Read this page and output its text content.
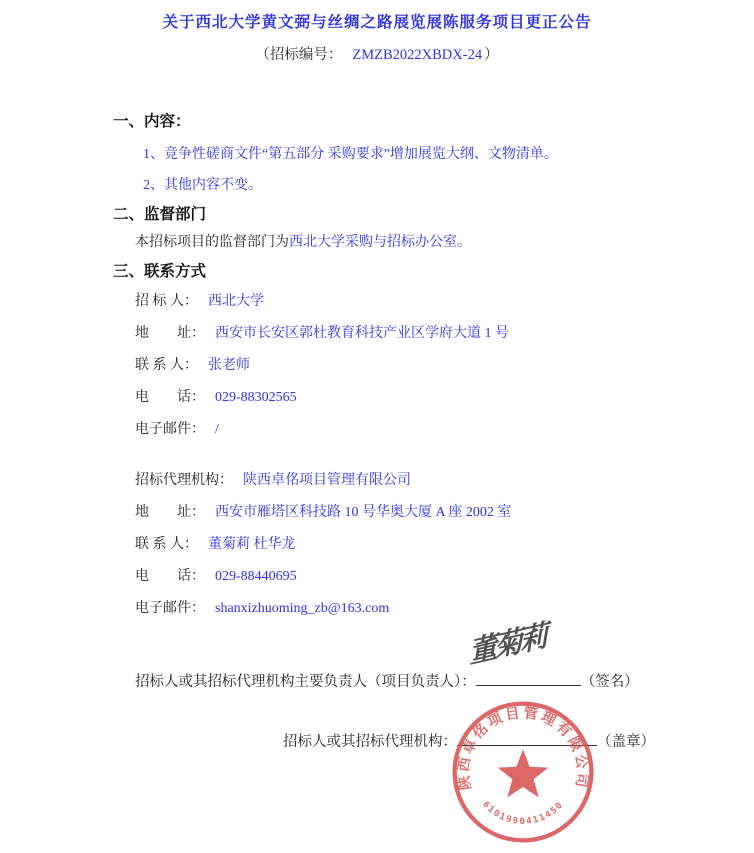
关于西北大学黄文弼与丝绸之路展览展陈服务项目更正公告
（招标编号： ZMZB2022XBDX-24 ）
一、内容：
1、竞争性磋商文件“第五部分 采购要求”增加展览大纲、文物清单。
2、其他内容不变。
二、监督部门
本招标项目的监督部门为西北大学采购与招标办公室。
三、联系方式
招 标 人： 西北大学
地　　址： 西安市长安区郭杜教育科技产业区学府大道 1 号
联 系 人： 张老师
电　　话： 029-88302565
电子邮件： /
招标代理机构： 陕西卓佲项目管理有限公司
地　　址： 西安市雁塔区科技路 10 号华奥大厦 A 座 2002 室
联 系 人： 董菊莉 杜华龙
电　　话： 029-88440695
电子邮件： shanxizhuoming_zb@163.com
招标人或其招标代理机构主要负责人（项目负责人）：	（签名）
董菊莉
招标人或其招标代理机构：	（盖章）
陕西卓佲项目管理有限公司
6101990411450
